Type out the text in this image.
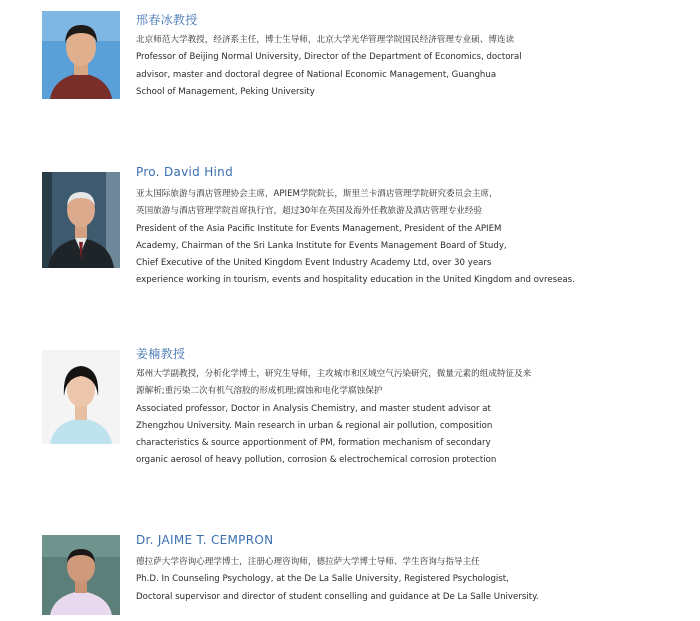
邢春冰教授
北京师范大学教授，经济系主任，博士生导师，北京大学光华管理学院国民经济管理专业硕、博连读
Professor of Beijing Normal University, Director of the Department of Economics, doctoral
advisor, master and doctoral degree of National Economic Management, Guanghua
School of Management, Peking University
Pro. David Hind
亚太国际旅游与酒店管理协会主席，APIEM学院院长，斯里兰卡酒店管理学院研究委员会主席，
英国旅游与酒店管理学院首席执行官，超过30年在英国及海外任教旅游及酒店管理专业经验
President of the Asia Pacific Institute for Events Management, President of the APIEM
Academy, Chairman of the Sri Lanka Institute for Events Management Board of Study,
Chief Executive of the United Kingdom Event Industry Academy Ltd, over 30 years
experience working in tourism, events and hospitality education in the United Kingdom and ovreseas.
姜楠教授
郑州大学副教授，分析化学博士，研究生导师，主攻城市和区域空气污染研究，微量元素的组成特征及来
源解析;重污染二次有机气溶胶的形成机理;腐蚀和电化学腐蚀保护
Associated professor, Doctor in Analysis Chemistry, and master student advisor at
Zhengzhou University. Main research in urban & regional air pollution, composition
characteristics & source apportionment of PM, formation mechanism of secondary
organic aerosol of heavy pollution, corrosion & electrochemical corrosion protection
Dr. JAIME T. CEMPRON
德拉萨大学咨询心理学博士，注册心理咨询师，德拉萨大学博士导师、学生咨询与指导主任
Ph.D. In Counseling Psychology, at the De La Salle University, Registered Psychologist,
Doctoral supervisor and director of student conselling and guidance at De La Salle University.
